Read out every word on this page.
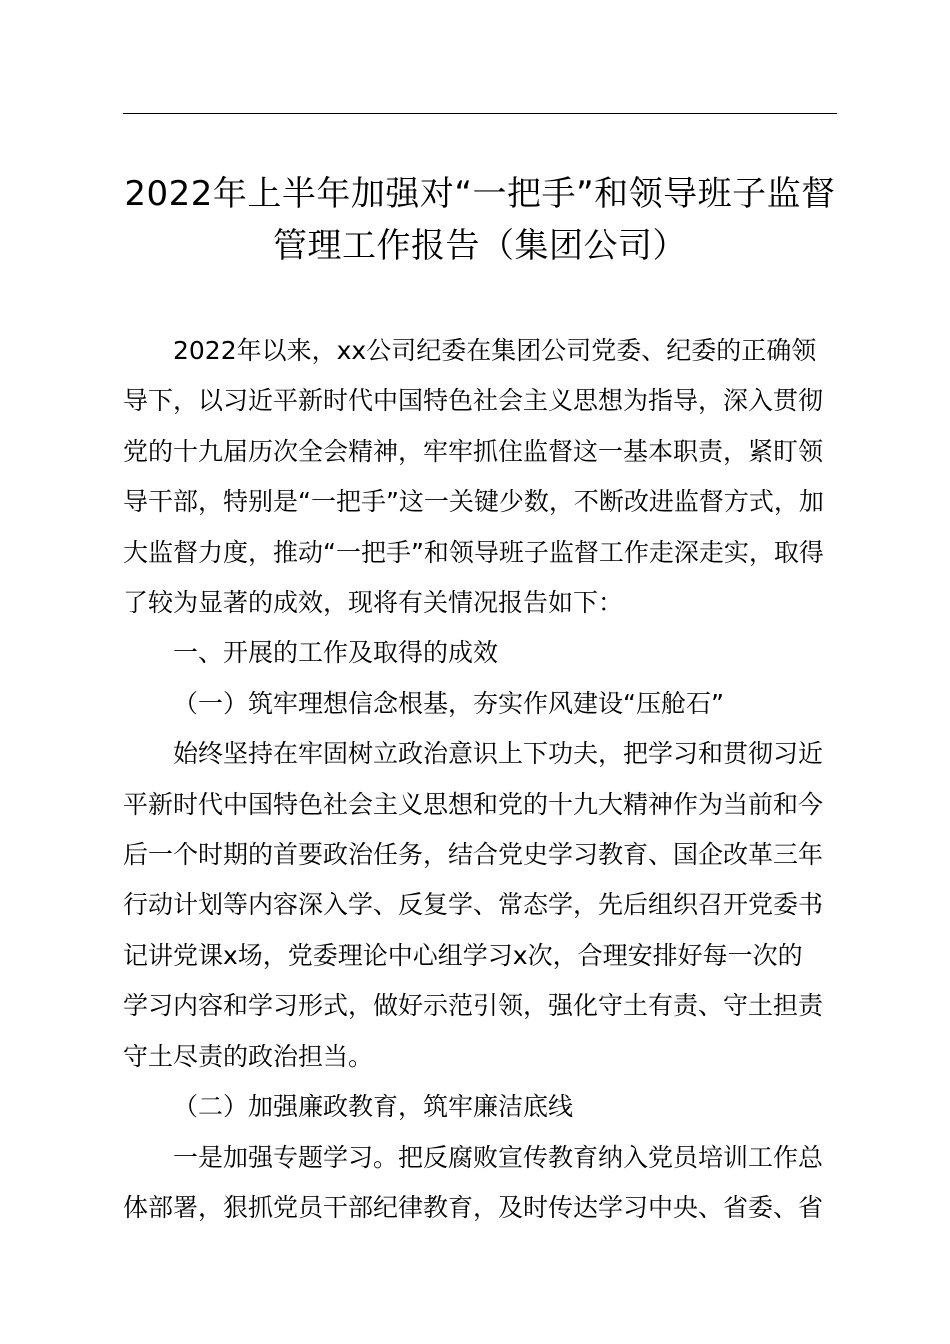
2022年上半年加强对“一把手”和领导班子监督
管理工作报告（集团公司）
2022年以来，xx公司纪委在集团公司党委、纪委的正确领
导下，以习近平新时代中国特色社会主义思想为指导，深入贯彻
党的十九届历次全会精神，牢牢抓住监督这一基本职责，紧盯领
导干部，特别是“一把手”这一关键少数，不断改进监督方式，加
大监督力度，推动“一把手”和领导班子监督工作走深走实，取得
了较为显著的成效，现将有关情况报告如下：
一、开展的工作及取得的成效
（一）筑牢理想信念根基，夯实作风建设“压舱石”
始终坚持在牢固树立政治意识上下功夫，把学习和贯彻习近
平新时代中国特色社会主义思想和党的十九大精神作为当前和今
后一个时期的首要政治任务，结合党史学习教育、国企改革三年
行动计划等内容深入学、反复学、常态学，先后组织召开党委书
记讲党课x场，党委理论中心组学习x次，合理安排好每一次的
学习内容和学习形式，做好示范引领，强化守土有责、守土担责
守土尽责的政治担当。
（二）加强廉政教育，筑牢廉洁底线
一是加强专题学习。把反腐败宣传教育纳入党员培训工作总
体部署，狠抓党员干部纪律教育，及时传达学习中央、省委、省
